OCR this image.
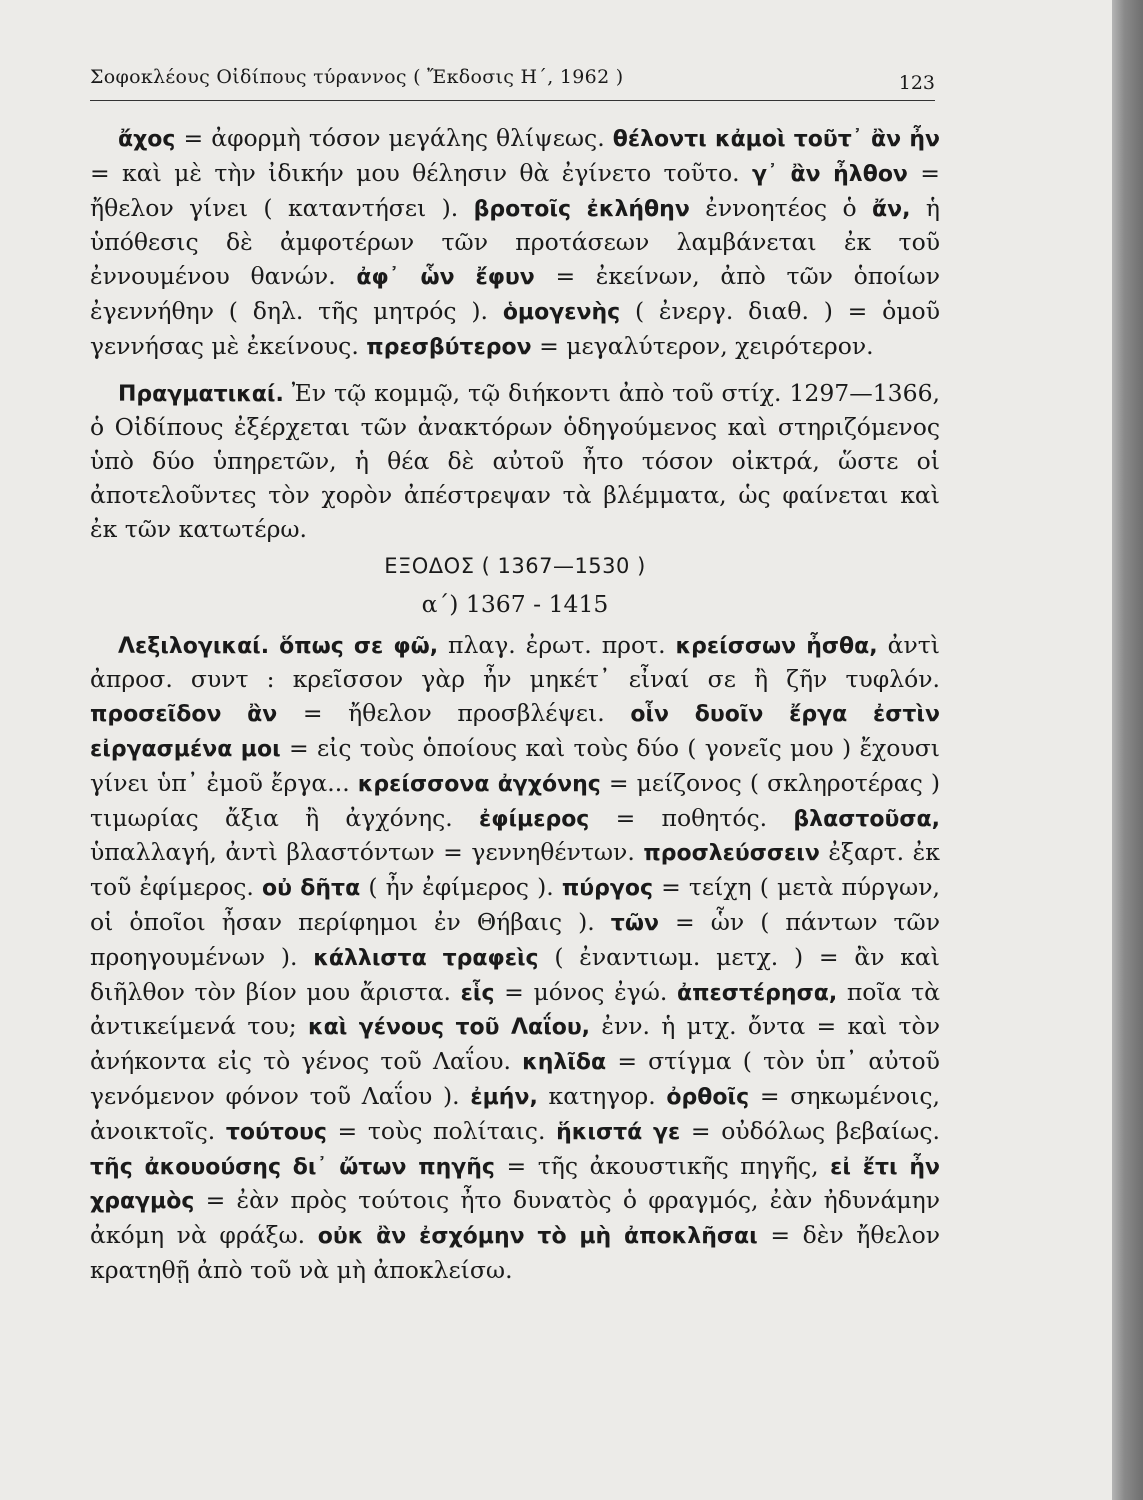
Σοφοκλέους Οἰδίπους τύραννος ( Ἔκδοσις Η΄, 1962 )	123

ἄχος = ἀφορμὴ τόσον μεγάλης θλίψεως. θέλοντι κἀμοὶ τοῦτ᾽ ἂν ἦν = καὶ μὲ τὴν ἰδικήν μου θέλησιν θὰ ἐγίνετο τοῦτο. γ᾽ ἂν ἦλθον = ἤθελον γίνει ( καταντήσει ). βροτοῖς ἐκλήθην ἐννοητέος ὁ ἄν, ἡ ὑπόθεσις δὲ ἀμφοτέρων τῶν προτάσεων λαμβάνεται ἐκ τοῦ ἐννουμένου θανών. ἀφ᾽ ὧν ἔφυν = ἐκείνων, ἀπὸ τῶν ὁποίων ἐγεννήθην ( δηλ. τῆς μητρός ). ὁμογενὴς ( ἐνεργ. διαθ. ) = ὁμοῦ γεννήσας μὲ ἐκείνους. πρεσβύτερον = μεγαλύτερον, χειρότερον.

Πραγματικαί. Ἐν τῷ κομμῷ, τῷ διήκοντι ἀπὸ τοῦ στίχ. 1297—1366, ὁ Οἰδίπους ἐξέρχεται τῶν ἀνακτόρων ὁδηγούμενος καὶ στηριζόμενος ὑπὸ δύο ὑπηρετῶν, ἡ θέα δὲ αὐτοῦ ἦτο τόσον οἰκτρά, ὥστε οἱ ἀποτελοῦντες τὸν χορὸν ἀπέστρεψαν τὰ βλέμματα, ὡς φαίνεται καὶ ἐκ τῶν κατωτέρω.

ΕΞΟΔΟΣ ( 1367—1530 )
α΄) 1367 - 1415

Λεξιλογικαί. ὅπως σε φῶ, πλαγ. ἐρωτ. προτ. κρείσσων ἦσθα, ἀντὶ ἀπροσ. συντ : κρεῖσσον γὰρ ἦν μηκέτ᾽ εἶναί σε ἢ ζῆν τυφλόν. προσεῖδον ἂν = ἤθελον προσβλέψει. οἷν δυοῖν ἔργα ἐστὶν εἰργασμένα μοι = εἰς τοὺς ὁποίους καὶ τοὺς δύο ( γονεῖς μου ) ἔχουσι γίνει ὑπ᾽ ἐμοῦ ἔργα... κρείσσονα ἀγχόνης = μείζονος ( σκληροτέρας ) τιμωρίας ἄξια ἢ ἀγχόνης. ἐφίμερος = ποθητός. βλαστοῦσα, ὑπαλλαγή, ἀντὶ βλαστόντων = γεννηθέντων. προσλεύσσειν ἐξαρτ. ἐκ τοῦ ἐφίμερος. οὐ δῆτα ( ἦν ἐφίμερος ). πύργος = τείχη ( μετὰ πύργων, οἱ ὁποῖοι ἦσαν περίφημοι ἐν Θήβαις ). τῶν = ὧν ( πάντων τῶν προηγουμένων ). κάλλιστα τραφεὶς ( ἐναντιωμ. μετχ. ) = ἂν καὶ διῆλθον τὸν βίον μου ἄριστα. εἷς = μόνος ἐγώ. ἀπεστέρησα, ποῖα τὰ ἀντικείμενά του; καὶ γένους τοῦ Λαΐου, ἐνν. ἡ μτχ. ὄντα = καὶ τὸν ἀνήκοντα εἰς τὸ γένος τοῦ Λαΐου. κηλῖδα = στίγμα ( τὸν ὑπ᾽ αὐτοῦ γενόμενον φόνον τοῦ Λαΐου ). ἐμήν, κατηγορ. ὀρθοῖς = σηκωμένοις, ἀνοικτοῖς. τούτους = τοὺς πολίταις. ἥκιστά γε = οὐδόλως βεβαίως. τῆς ἀκουούσης δι᾽ ὤτων πηγῆς = τῆς ἀκουστικῆς πηγῆς, εἰ ἔτι ἦν χραγμὸς = ἐὰν πρὸς τούτοις ἦτο δυνατὸς ὁ φραγμός, ἐὰν ἠδυνάμην ἀκόμη νὰ φράξω. οὐκ ἂν ἐσχόμην τὸ μὴ ἀποκλῆσαι = δὲν ἤθελον κρατηθῇ ἀπὸ τοῦ νὰ μὴ ἀποκλείσω.
